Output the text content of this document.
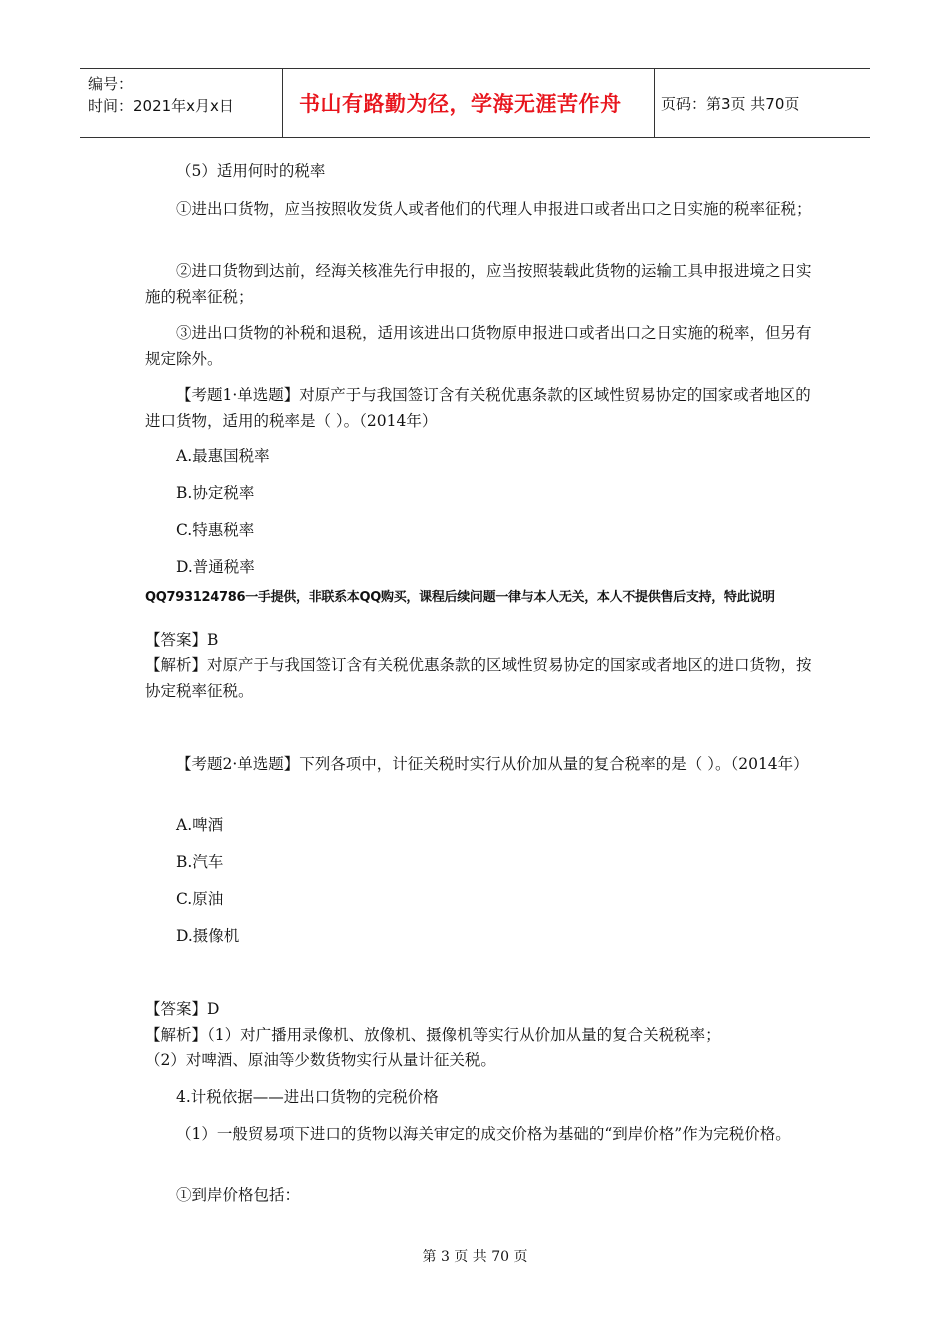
编号：
时间：2021年x月x日	书山有路勤为径，学海无涯苦作舟	页码：第3页 共70页

（5）适用何时的税率

①进出口货物，应当按照收发货人或者他们的代理人申报进口或者出口之日实施的税率征税；

②进口货物到达前，经海关核准先行申报的，应当按照装载此货物的运输工具申报进境之日实施的税率征税；

③进出口货物的补税和退税，适用该进出口货物原申报进口或者出口之日实施的税率，但另有规定除外。

【考题1·单选题】对原产于与我国签订含有关税优惠条款的区域性贸易协定的国家或者地区的进口货物，适用的税率是（ ）。（2014年）

A.最惠国税率

B.协定税率

C.特惠税率

D.普通税率

QQ793124786一手提供，非联系本QQ购买，课程后续问题一律与本人无关，本人不提供售后支持，特此说明

【答案】B

【解析】对原产于与我国签订含有关税优惠条款的区域性贸易协定的国家或者地区的进口货物，按协定税率征税。

【考题2·单选题】下列各项中，计征关税时实行从价加从量的复合税率的是（ ）。（2014年）

A.啤酒

B.汽车

C.原油

D.摄像机

【答案】D

【解析】（1）对广播用录像机、放像机、摄像机等实行从价加从量的复合关税税率；

（2）对啤酒、原油等少数货物实行从量计征关税。

4.计税依据——进出口货物的完税价格

（1）一般贸易项下进口的货物以海关审定的成交价格为基础的“到岸价格”作为完税价格。

①到岸价格包括：

第 3 页 共 70 页
